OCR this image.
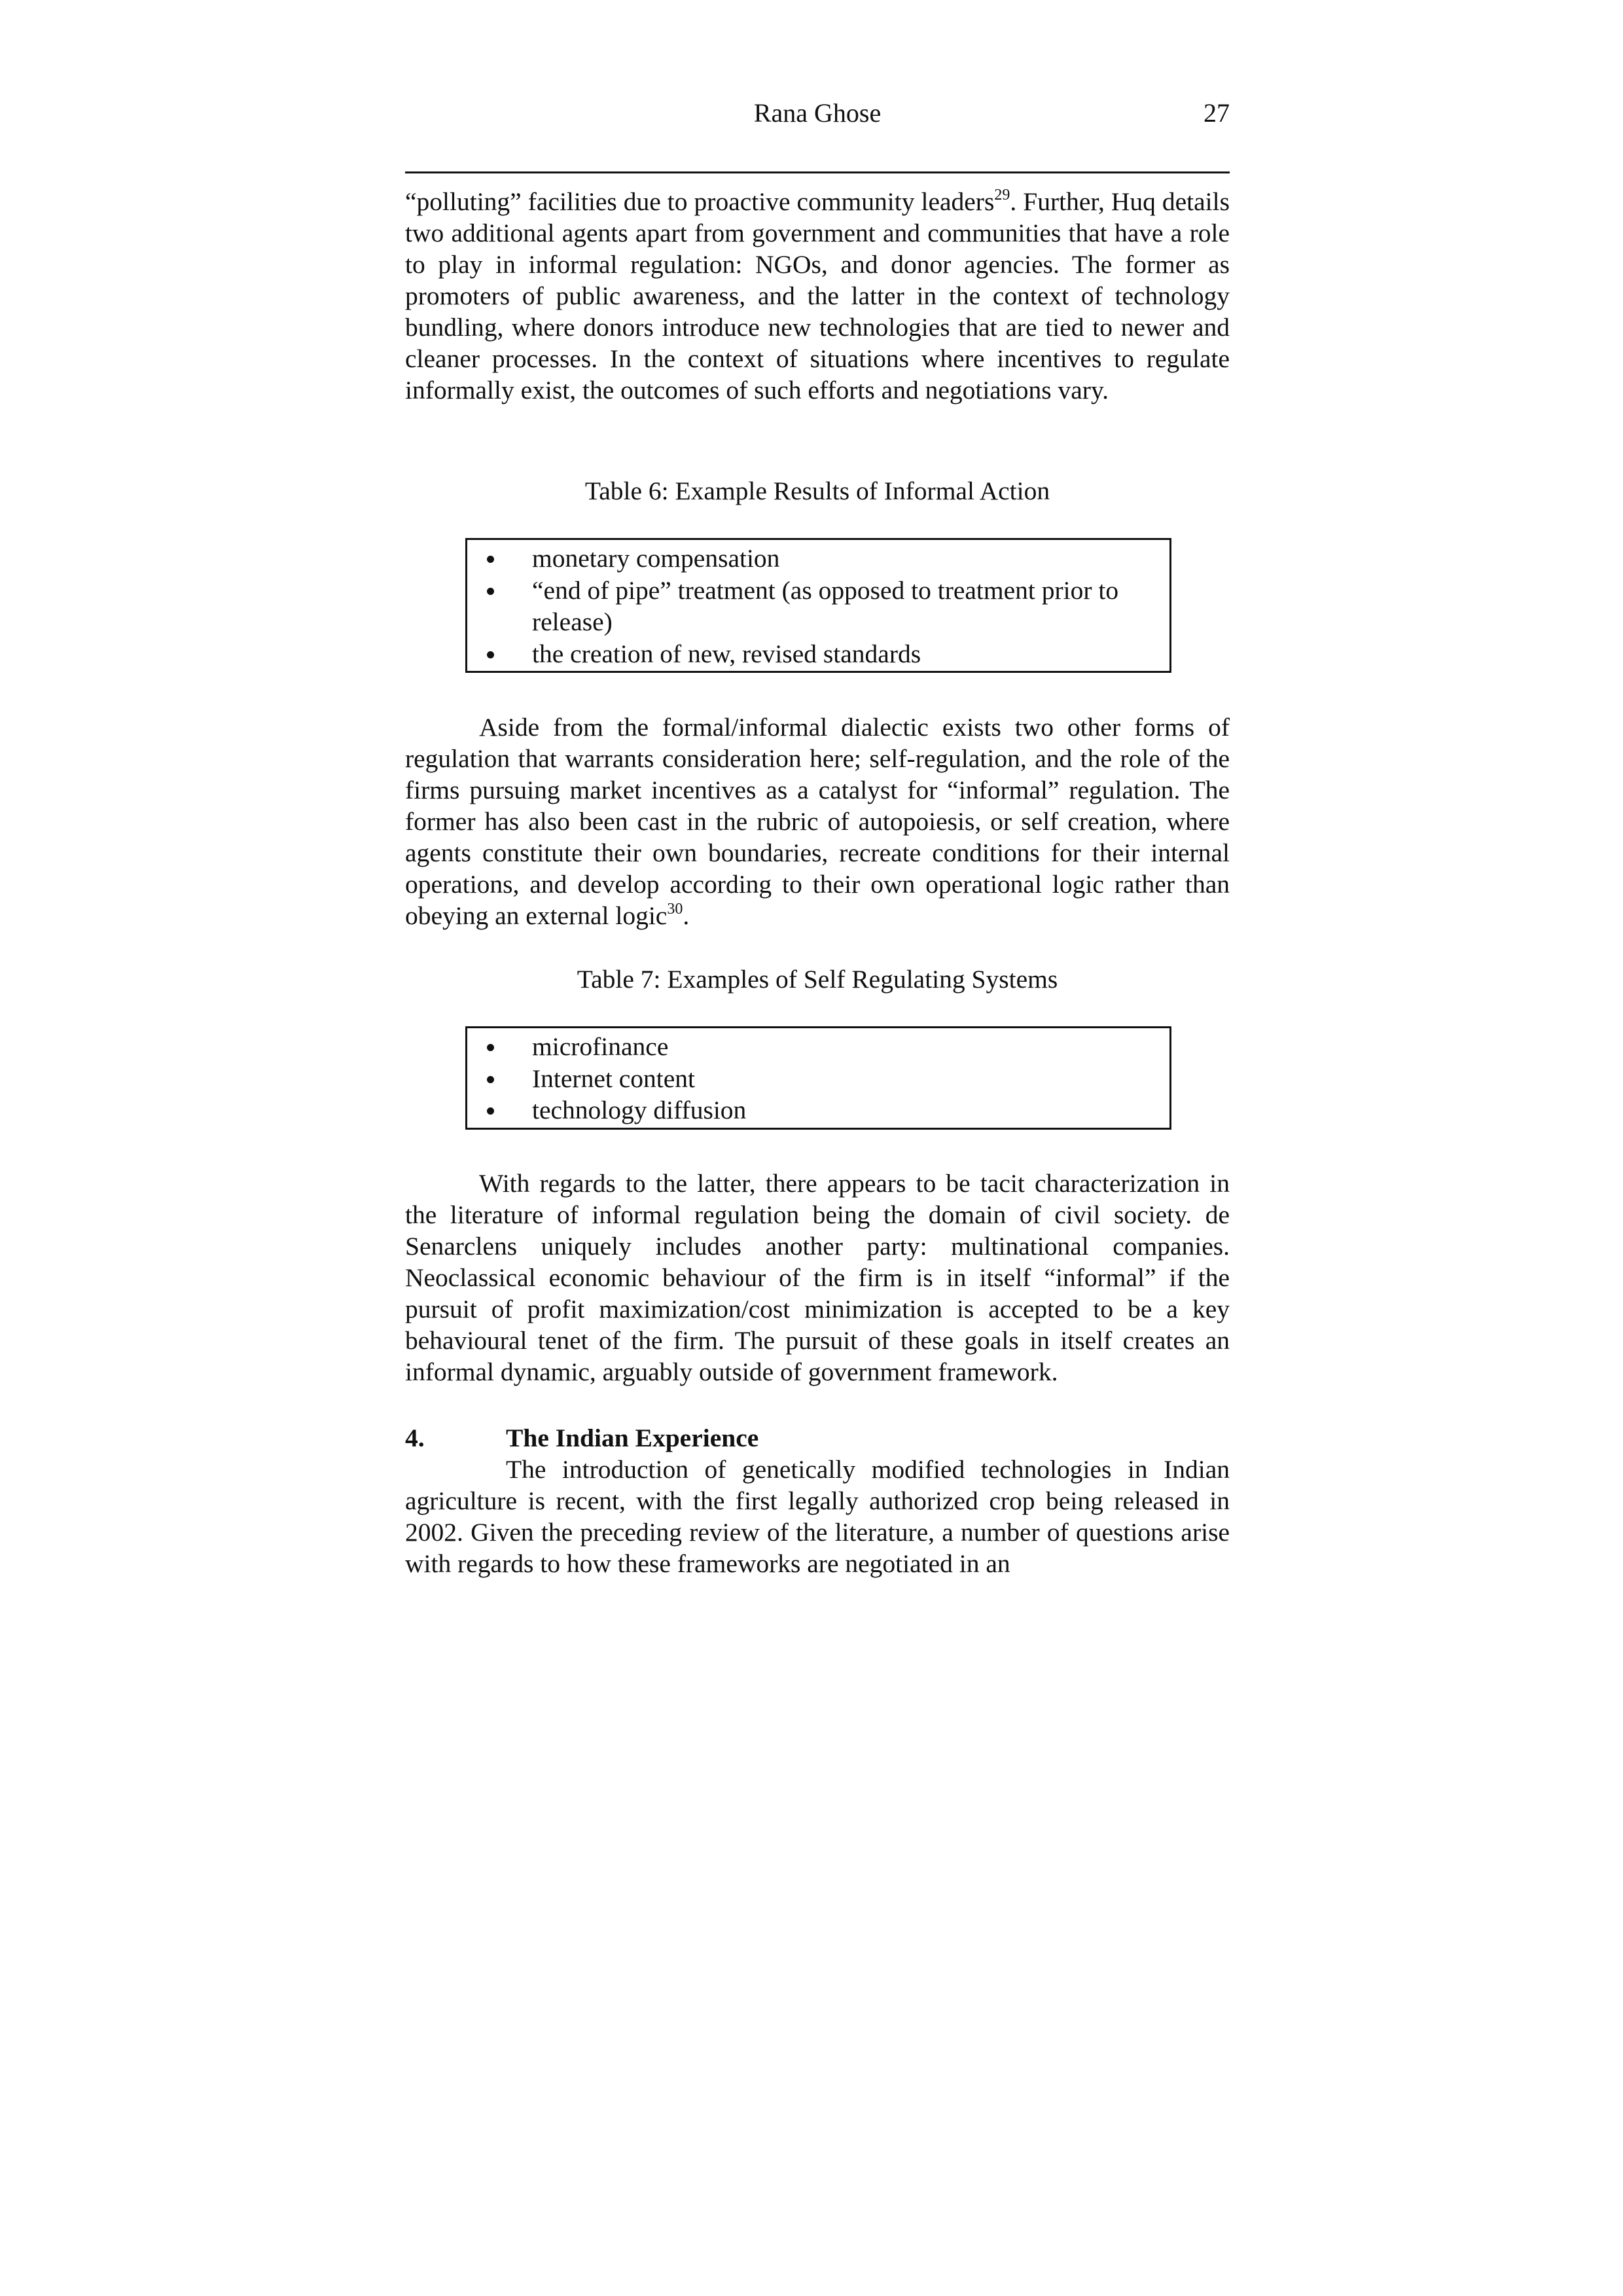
Rana Ghose	27

“polluting” facilities due to proactive community leaders$^{29}$. Further, Huq details two additional agents apart from government and communities that have a role to play in informal regulation: NGOs, and donor agencies. The former as promoters of public awareness, and the latter in the context of technology bundling, where donors introduce new technologies that are tied to newer and cleaner processes. In the context of situations where incentives to regulate informally exist, the outcomes of such efforts and negotiations vary.

Table 6: Example Results of Informal Action

monetary compensation
“end of pipe” treatment (as opposed to treatment prior to release)
the creation of new, revised standards

Aside from the formal/informal dialectic exists two other forms of regulation that warrants consideration here; self-regulation, and the role of the firms pursuing market incentives as a catalyst for “informal” regulation. The former has also been cast in the rubric of autopoiesis, or self creation, where agents constitute their own boundaries, recreate conditions for their internal operations, and develop according to their own operational logic rather than obeying an external logic$^{30}$.

Table 7: Examples of Self Regulating Systems

microfinance
Internet content
technology diffusion

With regards to the latter, there appears to be tacit characterization in the literature of informal regulation being the domain of civil society. de Senarclens uniquely includes another party: multinational companies. Neoclassical economic behaviour of the firm is in itself “informal” if the pursuit of profit maximization/cost minimization is accepted to be a key behavioural tenet of the firm. The pursuit of these goals in itself creates an informal dynamic, arguably outside of government framework.

4.	The Indian Experience

The introduction of genetically modified technologies in Indian agriculture is recent, with the first legally authorized crop being released in 2002. Given the preceding review of the literature, a number of questions arise with regards to how these frameworks are negotiated in an
